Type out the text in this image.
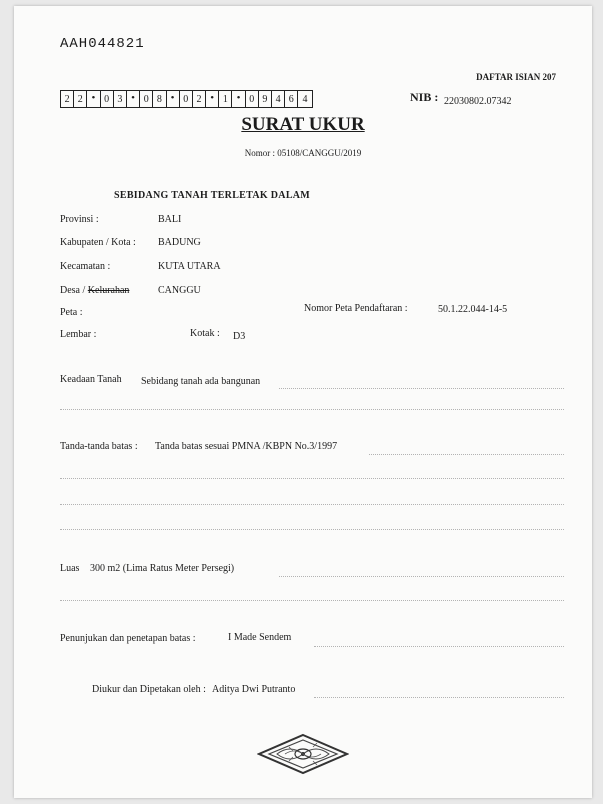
AAH044821
DAFTAR ISIAN 207
2 2 • 0 3 • 0 8 • 0 2 • 1 • 0 9 4 6 4	NIB : 22030802.07342
SURAT UKUR
Nomor : 05108/CANGGU/2019
SEBIDANG TANAH TERLETAK DALAM
Provinsi :	BALI
Kabupaten / Kota : BADUNG
Kecamatan :	KUTA UTARA
Desa / Kelurahan	CANGGU
Peta :	Nomor Peta Pendaftaran :	50.1.22.044-14-5
Lembar :	Kotak : D3
Keadaan Tanah Sebidang tanah ada bangunan
Tanda-tanda batas : Tanda batas sesuai PMNA /KBPN No.3/1997
Luas 300 m2 (Lima Ratus Meter Persegi)
Penunjukan dan penetapan batas :	I Made Sendem
Diukur dan Dipetakan oleh : Aditya Dwi Putranto
